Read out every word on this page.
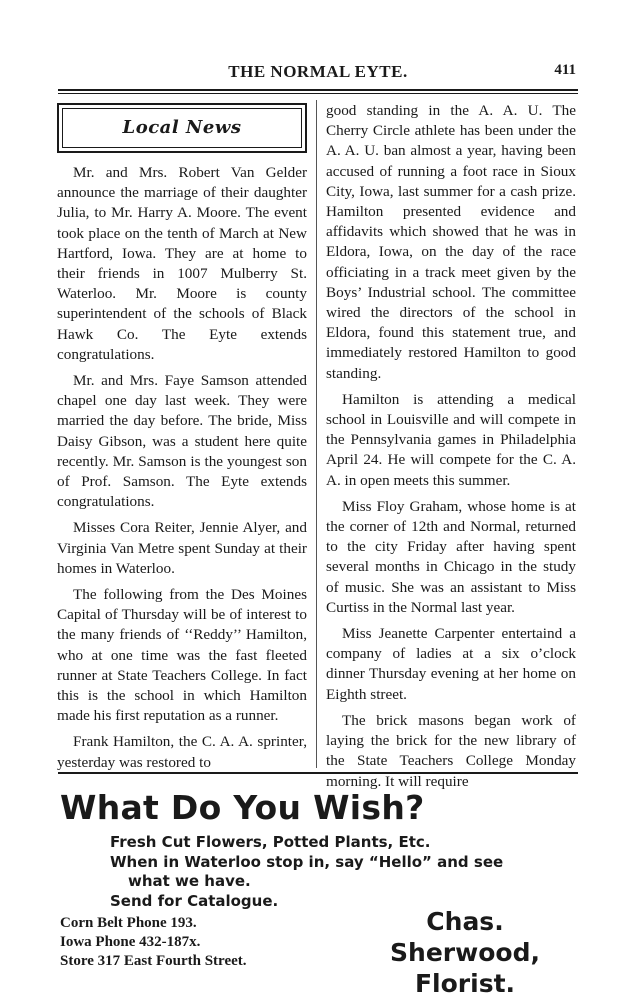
THE NORMAL EYTE.	411
Local News

Mr. and Mrs. Robert Van Gelder announce the marriage of their daughter Julia, to Mr. Harry A. Moore. The event took place on the tenth of March at New Hartford, Iowa. They are at home to their friends in 1007 Mulberry St. Waterloo. Mr. Moore is county superintendent of the schools of Black Hawk Co. The Eyte extends congratulations.

Mr. and Mrs. Faye Samson attended chapel one day last week. They were married the day before. The bride, Miss Daisy Gibson, was a student here quite recently. Mr. Samson is the youngest son of Prof. Samson. The Eyte extends congratulations.

Misses Cora Reiter, Jennie Alyer, and Virginia Van Metre spent Sunday at their homes in Waterloo.

The following from the Des Moines Capital of Thursday will be of interest to the many friends of ‘‘Reddy’’ Hamilton, who at one time was the fast fleeted runner at State Teachers College. In fact this is the school in which Hamilton made his first reputation as a runner.

Frank Hamilton, the C. A. A. sprinter, yesterday was restored to

good standing in the A. A. U. The Cherry Circle athlete has been under the A. A. U. ban almost a year, having been accused of running a foot race in Sioux City, Iowa, last summer for a cash prize. Hamilton presented evidence and affidavits which showed that he was in Eldora, Iowa, on the day of the race officiating in a track meet given by the Boys’ Industrial school. The committee wired the directors of the school in Eldora, found this statement true, and immediately restored Hamilton to good standing.

Hamilton is attending a medical school in Louisville and will compete in the Pennsylvania games in Philadelphia April 24. He will compete for the C. A. A. in open meets this summer.

Miss Floy Graham, whose home is at the corner of 12th and Normal, returned to the city Friday after having spent several months in Chicago in the study of music. She was an assistant to Miss Curtiss in the Normal last year.

Miss Jeanette Carpenter entertaind a company of ladies at a six o’clock dinner Thursday evening at her home on Eighth street.

The brick masons began work of laying the brick for the new library of the State Teachers College Monday morning. It will require

What Do You Wish?
Fresh Cut Flowers, Potted Plants, Etc.
When in Waterloo stop in, say “Hello” and see
what we have.
Send for Catalogue.
Corn Belt Phone 193.
Iowa Phone 432-187x.
Store 317 East Fourth Street.
Chas. Sherwood,
Florist.
